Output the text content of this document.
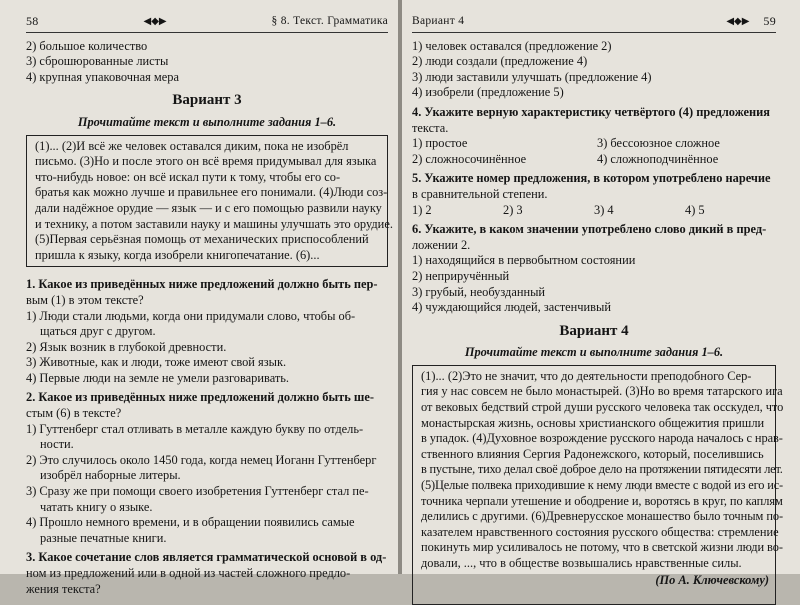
58	◀◆▶	§ 8. Текст. Грамматика

2) большое количество

3) сброшюрованные листы

4) крупная упаковочная мера

Вариант 3
Прочитайте текст и выполните задания 1–6.

(1)... (2)И всё же человек оставался диким, пока не изобрёл

письмо. (3)Но и после этого он всё время придумывал для языка

что-нибудь новое: он всё искал пути к тому, чтобы его со-

братья как можно лучше и правильнее его понимали. (4)Люди соз-

дали надёжное орудие — язык — и с его помощью развили науку

и технику, а потом заставили науку и машины улучшать это орудие.

(5)Первая серьёзная помощь от механических приспособлений

пришла к языку, когда изобрели книгопечатание. (6)...

1. Какое из приведённых ниже предложений должно быть пер-

вым (1) в этом тексте?

1) Люди стали людьми, когда они придумали слово, чтобы об-

щаться друг с другом.

2) Язык возник в глубокой древности.

3) Животные, как и люди, тоже имеют свой язык.

4) Первые люди на земле не умели разговаривать.

2. Какое из приведённых ниже предложений должно быть ше-

стым (6) в тексте?

1) Гуттенберг стал отливать в металле каждую букву по отдель-

ности.

2) Это случилось около 1450 года, когда немец Иоганн Гуттенберг

изобрёл наборные литеры.

3) Сразу же при помощи своего изобретения Гуттенберг стал пе-

чатать книгу о языке.

4) Прошло немного времени, и в обращении появились самые

разные печатные книги.

3. Какое сочетание слов является грамматической основой в од-

ном из предложений или в одной из частей сложного предло-

жения текста?

Вариант 4	◀◆▶ 59

1) человек оставался (предложение 2)

2) люди создали (предложение 4)

3) люди заставили улучшать (предложение 4)

4) изобрели (предложение 5)

4. Укажите верную характеристику четвёртого (4) предложения

текста.

1) простое	3) бессоюзное сложное

2) сложносочинённое	4) сложноподчинённое

5. Укажите номер предложения, в котором употреблено наречие

в сравнительной степени.

1) 2	2) 3	3) 4	4) 5

6. Укажите, в каком значении употреблено слово дикий в пред-

ложении 2.

1) находящийся в первобытном состоянии

2) неприручённый

3) грубый, необузданный

4) чуждающийся людей, застенчивый

Вариант 4
Прочитайте текст и выполните задания 1–6.

(1)... (2)Это не значит, что до деятельности преподобного Сер-

гия у нас совсем не было монастырей. (3)Но во время татарского ига

от вековых бедствий строй души русского человека так осскудел, что

монастырская жизнь, основы христианского общежития пришли

в упадок. (4)Духовное возрождение русского народа началось с нрав-

ственного влияния Сергия Радонежского, который, поселившись

в пустыне, тихо делал своё доброе дело на протяжении пятидесяти лет.

(5)Целые полвека приходившие к нему люди вместе с водой из его ис-

точника черпали утешение и ободрение и, воротясь в круг, по каплям

делились с другими. (6)Древнерусское монашество было точным по-

казателем нравственного состояния русского общества: стремление

покинуть мир усиливалось не потому, что в светской жизни люди во-

довали, ..., что в обществе возвышались нравственные силы.

(По А. Ключевскому)
